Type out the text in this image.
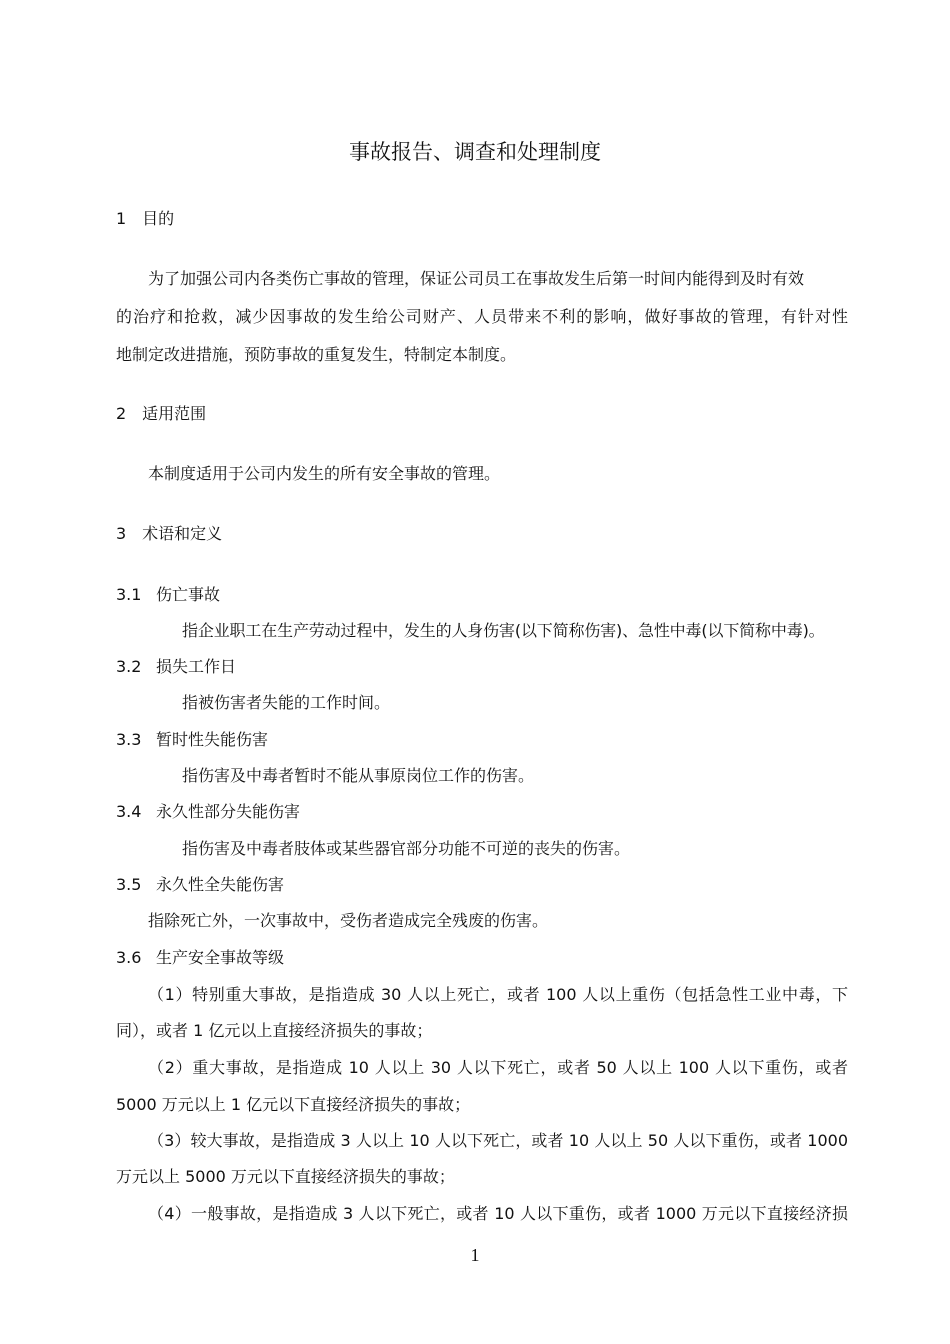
事故报告、调查和处理制度
1　目的
为了加强公司内各类伤亡事故的管理，保证公司员工在事故发生后第一时间内能得到及时有效
的治疗和抢救，减少因事故的发生给公司财产、人员带来不利的影响，做好事故的管理，有针对性
地制定改进措施，预防事故的重复发生，特制定本制度。
2　适用范围
本制度适用于公司内发生的所有安全事故的管理。
3　术语和定义
3.1 伤亡事故
指企业职工在生产劳动过程中，发生的人身伤害(以下简称伤害)、急性中毒(以下简称中毒)。
3.2 损失工作日
指被伤害者失能的工作时间。
3.3 暂时性失能伤害
指伤害及中毒者暂时不能从事原岗位工作的伤害。
3.4 永久性部分失能伤害
指伤害及中毒者肢体或某些器官部分功能不可逆的丧失的伤害。
3.5 永久性全失能伤害
指除死亡外，一次事故中，受伤者造成完全残废的伤害。
3.6 生产安全事故等级
（1）特别重大事故，是指造成 30 人以上死亡，或者 100 人以上重伤（包括急性工业中毒，下
同），或者 1 亿元以上直接经济损失的事故；
（2）重大事故，是指造成 10 人以上 30 人以下死亡，或者 50 人以上 100 人以下重伤，或者
5000 万元以上 1 亿元以下直接经济损失的事故；
（3）较大事故，是指造成 3 人以上 10 人以下死亡，或者 10 人以上 50 人以下重伤，或者 1000
万元以上 5000 万元以下直接经济损失的事故；
（4）一般事故，是指造成 3 人以下死亡，或者 10 人以下重伤，或者 1000 万元以下直接经济损
1
